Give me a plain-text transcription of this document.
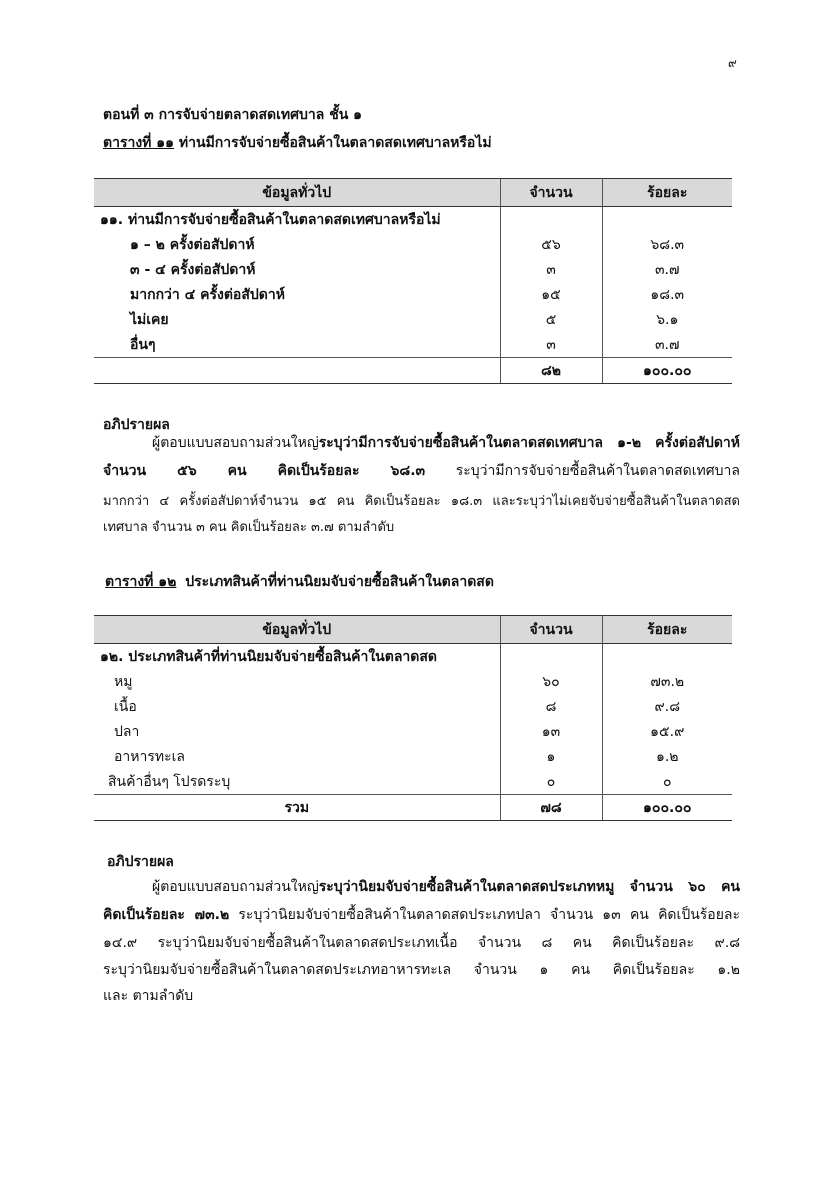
๙
ตอนที่ ๓ การจับจ่ายตลาดสดเทศบาล ชั้น ๑
ตารางที่ ๑๑ ท่านมีการจับจ่ายซื้อสินค้าในตลาดสดเทศบาลหรือไม่
ข้อมูลทั่วไป	จำนวน	ร้อยละ
๑๑. ท่านมีการจับจ่ายซื้อสินค้าในตลาดสดเทศบาลหรือไม่		
๑ – ๒ ครั้งต่อสัปดาห์	๕๖	๖๘.๓
๓ - ๔ ครั้งต่อสัปดาห์	๓	๓.๗
มากกว่า ๔ ครั้งต่อสัปดาห์	๑๕	๑๘.๓
ไม่เคย	๕	๖.๑
อื่นๆ	๓	๓.๗
	๘๒	๑๐๐.๐๐
อภิปรายผล
ผู้ตอบแบบสอบถามส่วนใหญ่ระบุว่ามีการจับจ่ายซื้อสินค้าในตลาดสดเทศบาล ๑-๒ ครั้งต่อสัปดาห์
จำนวน ๕๖ คน คิดเป็นร้อยละ ๖๘.๓ ระบุว่ามีการจับจ่ายซื้อสินค้าในตลาดสดเทศบาล
มากกว่า ๔ ครั้งต่อสัปดาห์จำนวน ๑๕ คน คิดเป็นร้อยละ ๑๘.๓ และระบุว่าไม่เคยจับจ่ายซื้อสินค้าในตลาดสด
เทศบาล จำนวน ๓ คน คิดเป็นร้อยละ ๓.๗ ตามลำดับ
ตารางที่ ๑๒ ประเภทสินค้าที่ท่านนิยมจับจ่ายซื้อสินค้าในตลาดสด
ข้อมูลทั่วไป	จำนวน	ร้อยละ
๑๒. ประเภทสินค้าที่ท่านนิยมจับจ่ายซื้อสินค้าในตลาดสด		
หมู	๖๐	๗๓.๒
เนื้อ	๘	๙.๘
ปลา	๑๓	๑๕.๙
อาหารทะเล	๑	๑.๒
สินค้าอื่นๆ โปรดระบุ	๐	๐
รวม	๗๘	๑๐๐.๐๐
อภิปรายผล
ผู้ตอบแบบสอบถามส่วนใหญ่ระบุว่านิยมจับจ่ายซื้อสินค้าในตลาดสดประเภทหมู จำนวน ๖๐ คน
คิดเป็นร้อยละ ๗๓.๒ ระบุว่านิยมจับจ่ายซื้อสินค้าในตลาดสดประเภทปลา จำนวน ๑๓ คน คิดเป็นร้อยละ
๑๔.๙ ระบุว่านิยมจับจ่ายซื้อสินค้าในตลาดสดประเภทเนื้อ จำนวน ๘ คน คิดเป็นร้อยละ ๙.๘
ระบุว่านิยมจับจ่ายซื้อสินค้าในตลาดสดประเภทอาหารทะเล จำนวน ๑ คน คิดเป็นร้อยละ ๑.๒
และ ตามลำดับ
